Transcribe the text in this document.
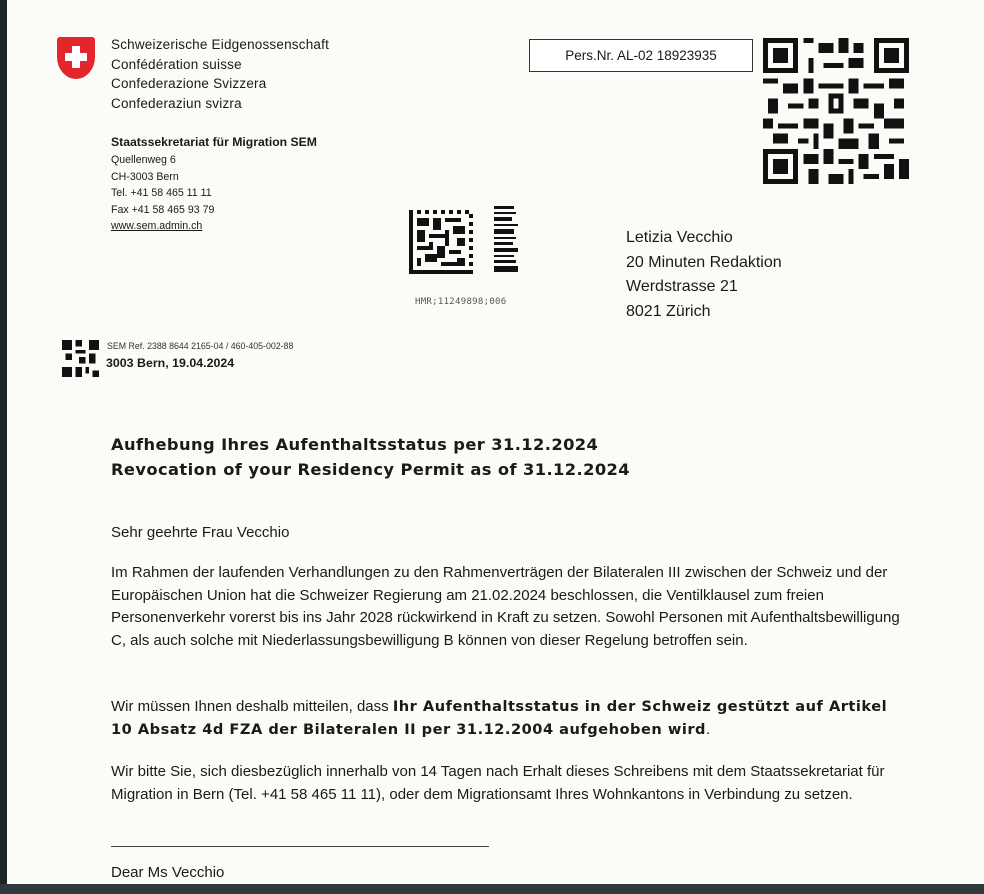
Schweizerische Eidgenossenschaft
Confédération suisse
Confederazione Svizzera
Confederaziun svizra
Staatssekretariat für Migration SEM
Quellenweg 6
CH-3003 Bern
Tel. +41 58 465 11 11
Fax +41 58 465 93 79
www.sem.admin.ch
Pers.Nr. AL-02 18923935
HMR;11249898;006
Letizia Vecchio
20 Minuten Redaktion
Werdstrasse 21
8021 Zürich
SEM Ref. 2388 8644 2165-04 / 460-405-002-88
3003 Bern, 19.04.2024
Aufhebung Ihres Aufenthaltsstatus per 31.12.2024
Revocation of your Residency Permit as of 31.12.2024
Sehr geehrte Frau Vecchio
Im Rahmen der laufenden Verhandlungen zu den Rahmenverträgen der Bilateralen III zwischen der Schweiz und der Europäischen Union hat die Schweizer Regierung am 21.02.2024 beschlossen, die Ventilklausel zum freien Personenverkehr vorerst bis ins Jahr 2028 rückwirkend in Kraft zu setzen. Sowohl Personen mit Aufenthaltsbewilligung C, als auch solche mit Niederlassungsbewilligung B können von dieser Regelung betroffen sein.
Wir müssen Ihnen deshalb mitteilen, dass Ihr Aufenthaltsstatus in der Schweiz gestützt auf Artikel 10 Absatz 4d FZA der Bilateralen II per 31.12.2004 aufgehoben wird.
Wir bitte Sie, sich diesbezüglich innerhalb von 14 Tagen nach Erhalt dieses Schreibens mit dem Staatssekretariat für Migration in Bern (Tel. +41 58 465 11 11), oder dem Migrationsamt Ihres Wohnkantons in Verbindung zu setzen.
Dear Ms Vecchio
